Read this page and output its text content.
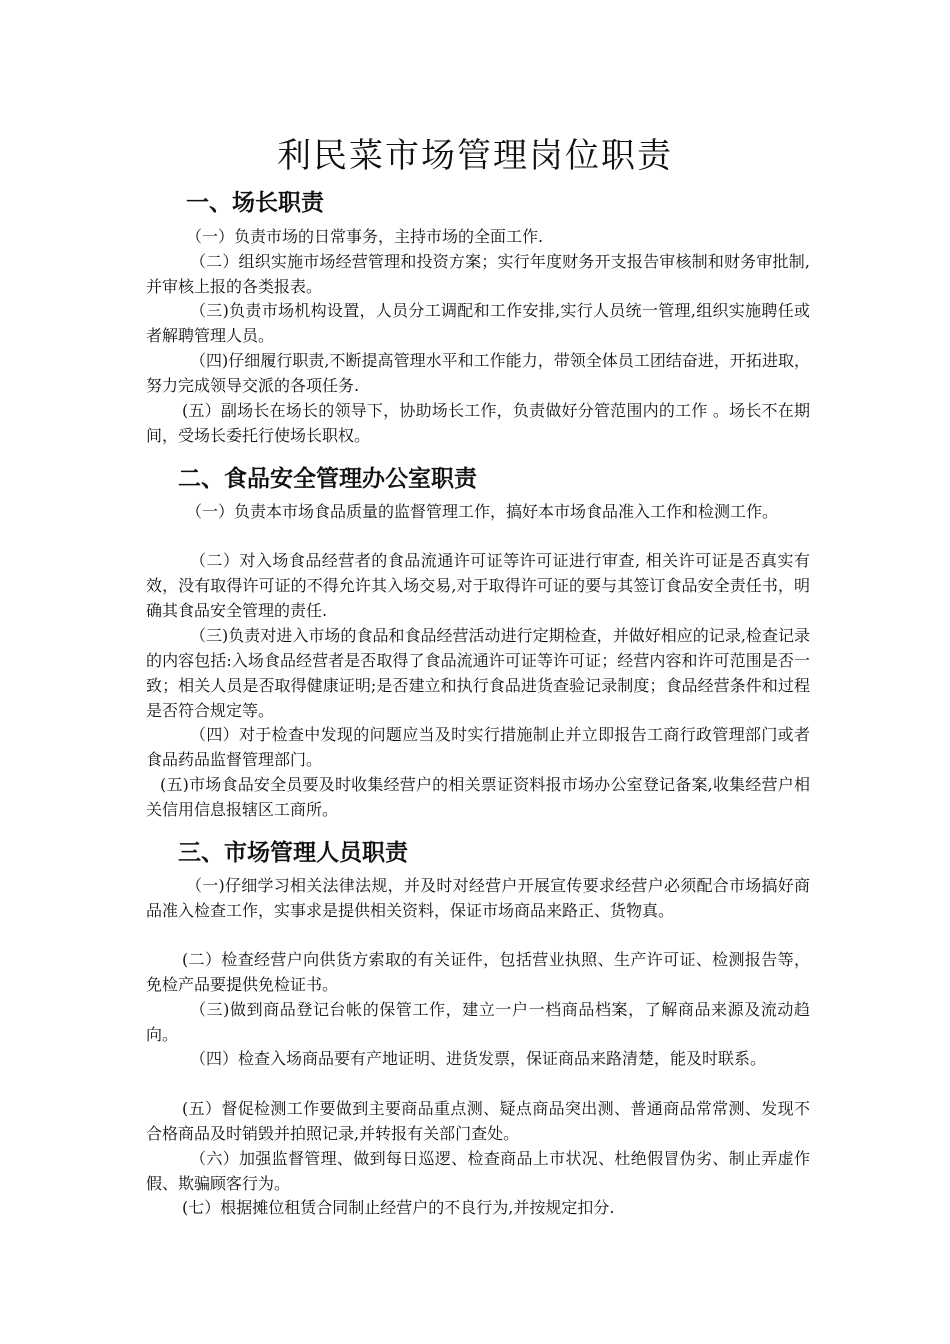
利民菜市场管理岗位职责
一、场长职责

（一）负责市场的日常事务，主持市场的全面工作.

（二）组织实施市场经营管理和投资方案；实行年度财务开支报告审核制和财务审批制,并审核上报的各类报表。

（三)负责市场机构设置，人员分工调配和工作安排,实行人员统一管理,组织实施聘任或者解聘管理人员。

（四)仔细履行职责,不断提高管理水平和工作能力，带领全体员工团结奋进，开拓进取，努力完成领导交派的各项任务.

(五）副场长在场长的领导下，协助场长工作，负责做好分管范围内的工作 。场长不在期间，受场长委托行使场长职权。

二、食品安全管理办公室职责

（一）负责本市场食品质量的监督管理工作，搞好本市场食品准入工作和检测工作。

（二）对入场食品经营者的食品流通许可证等许可证进行审查, 相关许可证是否真实有效，没有取得许可证的不得允许其入场交易,对于取得许可证的要与其签订食品安全责任书，明确其食品安全管理的责任.

（三)负责对进入市场的食品和食品经营活动进行定期检查，并做好相应的记录,检查记录的内容包括:入场食品经营者是否取得了食品流通许可证等许可证；经营内容和许可范围是否一致；相关人员是否取得健康证明;是否建立和执行食品进货查验记录制度；食品经营条件和过程是否符合规定等。

（四）对于检查中发现的问题应当及时实行措施制止并立即报告工商行政管理部门或者食品药品监督管理部门。

(五)市场食品安全员要及时收集经营户的相关票证资料报市场办公室登记备案,收集经营户相关信用信息报辖区工商所。

三、市场管理人员职责

（一)仔细学习相关法律法规，并及时对经营户开展宣传要求经营户必须配合市场搞好商品准入检查工作，实事求是提供相关资料，保证市场商品来路正、货物真。

(二）检查经营户向供货方索取的有关证件，包括营业执照、生产许可证、检测报告等，免检产品要提供免检证书。

（三)做到商品登记台帐的保管工作，建立一户一档商品档案，了解商品来源及流动趋向。

（四）检查入场商品要有产地证明、进货发票，保证商品来路清楚，能及时联系。

(五）督促检测工作要做到主要商品重点测、疑点商品突出测、普通商品常常测、发现不合格商品及时销毁并拍照记录,并转报有关部门查处。

（六）加强监督管理、做到每日巡逻、检查商品上市状况、杜绝假冒伪劣、制止弄虚作假、欺骗顾客行为。

(七）根据摊位租赁合同制止经营户的不良行为,并按规定扣分.
